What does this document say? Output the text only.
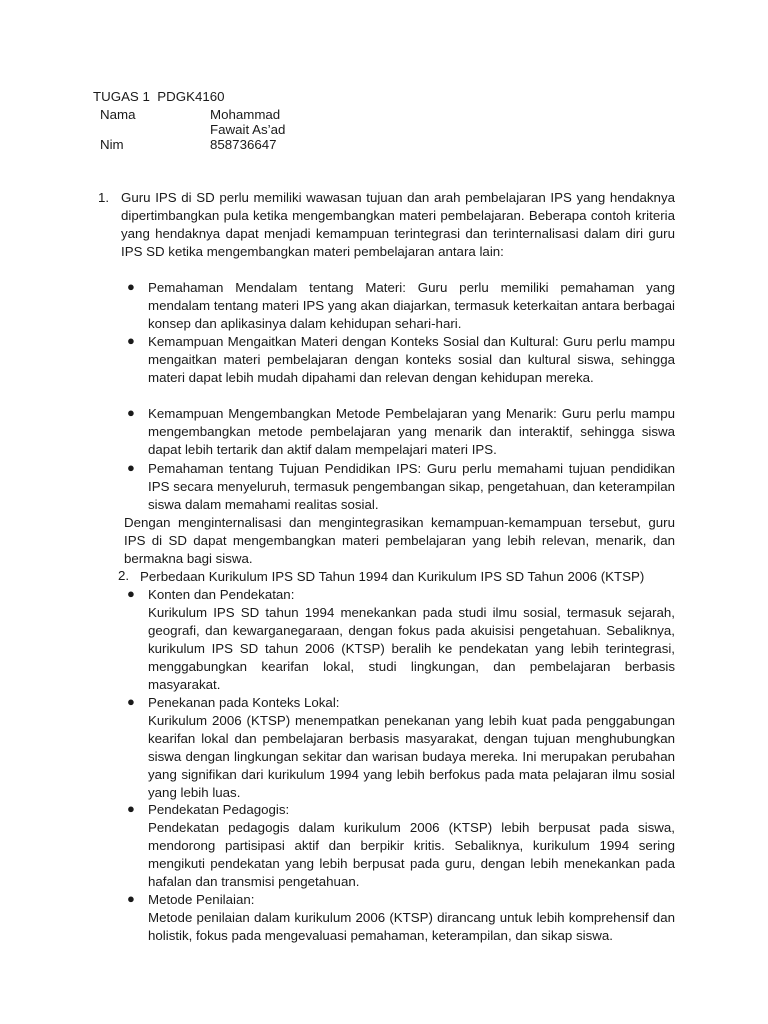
TUGAS 1  PDGK4160
Nama	Mohammad Fawait As’ad
Nim	858736647
1. Guru IPS di SD perlu memiliki wawasan tujuan dan arah pembelajaran IPS yang hendaknya dipertimbangkan pula ketika mengembangkan materi pembelajaran. Beberapa contoh kriteria yang hendaknya dapat menjadi kemampuan terintegrasi dan terinternalisasi dalam diri guru IPS SD ketika mengembangkan materi pembelajaran antara lain:

● Pemahaman Mendalam tentang Materi: Guru perlu memiliki pemahaman yang mendalam tentang materi IPS yang akan diajarkan, termasuk keterkaitan antara berbagai konsep dan aplikasinya dalam kehidupan sehari-hari.

● Kemampuan Mengaitkan Materi dengan Konteks Sosial dan Kultural: Guru perlu mampu mengaitkan materi pembelajaran dengan konteks sosial dan kultural siswa, sehingga materi dapat lebih mudah dipahami dan relevan dengan kehidupan mereka.

● Kemampuan Mengembangkan Metode Pembelajaran yang Menarik: Guru perlu mampu mengembangkan metode pembelajaran yang menarik dan interaktif, sehingga siswa dapat lebih tertarik dan aktif dalam mempelajari materi IPS.

● Pemahaman tentang Tujuan Pendidikan IPS: Guru perlu memahami tujuan pendidikan IPS secara menyeluruh, termasuk pengembangan sikap, pengetahuan, dan keterampilan siswa dalam memahami realitas sosial.

Dengan menginternalisasi dan mengintegrasikan kemampuan-kemampuan tersebut, guru IPS di SD dapat mengembangkan materi pembelajaran yang lebih relevan, menarik, dan bermakna bagi siswa.

2. Perbedaan Kurikulum IPS SD Tahun 1994 dan Kurikulum IPS SD Tahun 2006 (KTSP)

● Konten dan Pendekatan:

Kurikulum IPS SD tahun 1994 menekankan pada studi ilmu sosial, termasuk sejarah, geografi, dan kewarganegaraan, dengan fokus pada akuisisi pengetahuan. Sebaliknya, kurikulum IPS SD tahun 2006 (KTSP) beralih ke pendekatan yang lebih terintegrasi, menggabungkan kearifan lokal, studi lingkungan, dan pembelajaran berbasis masyarakat.

● Penekanan pada Konteks Lokal:

Kurikulum 2006 (KTSP) menempatkan penekanan yang lebih kuat pada penggabungan kearifan lokal dan pembelajaran berbasis masyarakat, dengan tujuan menghubungkan siswa dengan lingkungan sekitar dan warisan budaya mereka. Ini merupakan perubahan yang signifikan dari kurikulum 1994 yang lebih berfokus pada mata pelajaran ilmu sosial yang lebih luas.

● Pendekatan Pedagogis:

Pendekatan pedagogis dalam kurikulum 2006 (KTSP) lebih berpusat pada siswa, mendorong partisipasi aktif dan berpikir kritis. Sebaliknya, kurikulum 1994 sering mengikuti pendekatan yang lebih berpusat pada guru, dengan lebih menekankan pada hafalan dan transmisi pengetahuan.

● Metode Penilaian:

Metode penilaian dalam kurikulum 2006 (KTSP) dirancang untuk lebih komprehensif dan holistik, fokus pada mengevaluasi pemahaman, keterampilan, dan sikap siswa.
